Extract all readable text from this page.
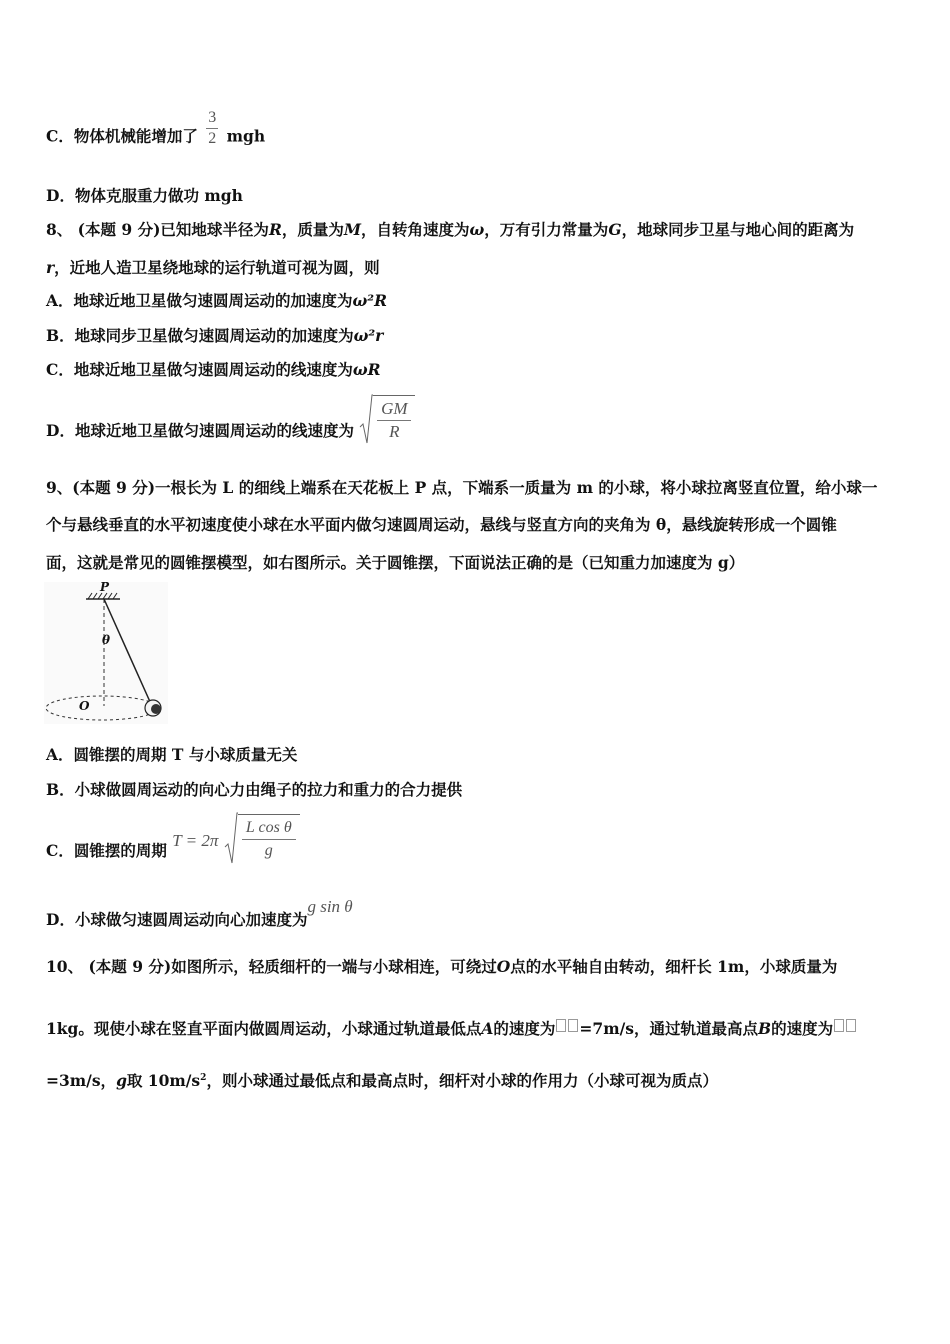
C．物体机械能增加了 $\frac{3}{2}$ mgh
D．物体克服重力做功 mgh
8、 (本题 9 分)已知地球半径为R，质量为M，自转角速度为ω，万有引力常量为G，地球同步卫星与地心间的距离为
r，近地人造卫星绕地球的运行轨道可视为圆，则
A．地球近地卫星做匀速圆周运动的加速度为ω²R
B．地球同步卫星做匀速圆周运动的加速度为ω²r
C．地球近地卫星做匀速圆周运动的线速度为ωR
D．地球近地卫星做匀速圆周运动的线速度为
GM
R
9、(本题 9 分)一根长为 L 的细线上端系在天花板上 P 点，下端系一质量为 m 的小球，将小球拉离竖直位置，给小球一
个与悬线垂直的水平初速度使小球在水平面内做匀速圆周运动，悬线与竖直方向的夹角为 θ，悬线旋转形成一个圆锥
面，这就是常见的圆锥摆模型，如右图所示。关于圆锥摆，下面说法正确的是（已知重力加速度为 g）
P
θ
O
A．圆锥摆的周期 T 与小球质量无关
B．小球做圆周运动的向心力由绳子的拉力和重力的合力提供
C．圆锥摆的周期 T = 2π
L cos θ
g
D．小球做匀速圆周运动向心加速度为g sin θ
10、 (本题 9 分)如图所示，轻质细杆的一端与小球相连，可绕过O点的水平轴自由转动，细杆长 1m，小球质量为
1kg。现使小球在竖直平面内做圆周运动，小球通过轨道最低点A的速度为 =7m/s，通过轨道最高点B的速度为
=3m/s，g取 $10m/s^2$，则小球通过最低点和最高点时，细杆对小球的作用力（小球可视为质点）
